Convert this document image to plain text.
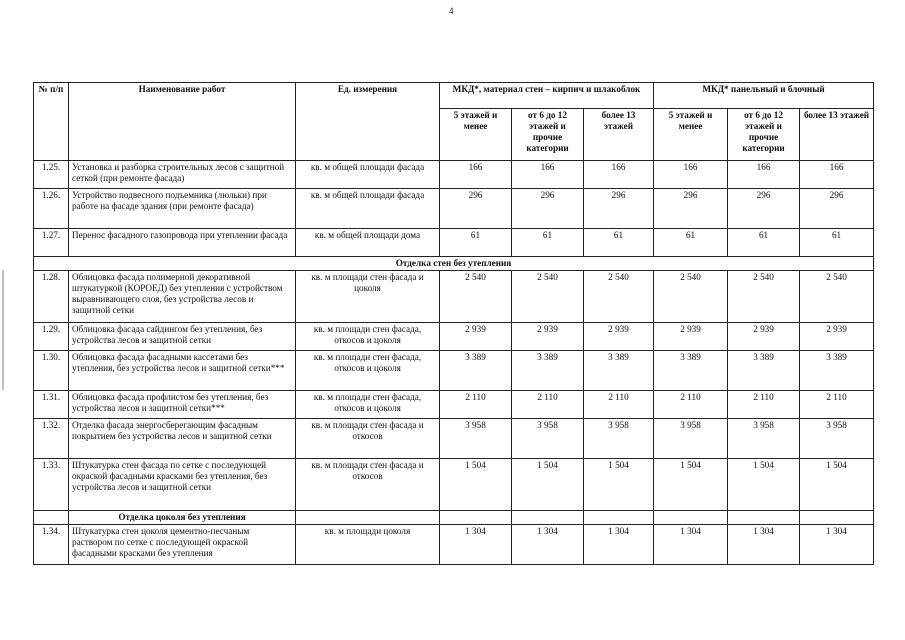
4
№ п/п	Наименование работ	Ед. измерения	МКД*, материал стен – кирпич и шлакоблок			МКД* панельный и блочный		
			5 этажей и менее	от 6 до 12 этажей и прочие категории	более 13 этажей	5 этажей и менее	от 6 до 12 этажей и прочие категории	более 13 этажей
1.25.	Установка и разборка строительных лесов с защитной сеткой (при ремонте фасада)	кв. м общей площади фасада	166	166	166	166	166	166
1.26.	Устройство подвесного подъемника (люльки) при работе на фасаде здания (при ремонте фасада)	кв. м общей площади фасада	296	296	296	296	296	296
1.27.	Перенос фасадного газопровода при утеплении фасада	кв. м общей площади дома	61	61	61	61	61	61
Отделка стен без утепления								
1.28.	Облицовка фасада полимерной декоративной штукатуркой (КОРОЕД) без утепления с устройством выравнивающего слоя, без устройства лесов и защитной сетки	кв. м площади стен фасада и цоколя	2 540	2 540	2 540	2 540	2 540	2 540
1.29.	Облицовка фасада сайдингом без утепления, без устройства лесов и защитной сетки	кв. м площади стен фасада, откосов и цоколя	2 939	2 939	2 939	2 939	2 939	2 939
1.30.	Облицовка фасада фасадными кассетами без утепления, без устройства лесов и защитной сетки***	кв. м площади стен фасада, откосов и цоколя	3 389	3 389	3 389	3 389	3 389	3 389
1.31.	Облицовка фасада профлистом без утепления, без устройства лесов и защитной сетки***	кв. м площади стен фасада, откосов и цоколя	2 110	2 110	2 110	2 110	2 110	2 110
1.32.	Отделка фасада энергосберегающим фасадным покрытием без устройства лесов и защитной сетки	кв. м площади стен фасада и откосов	3 958	3 958	3 958	3 958	3 958	3 958
1.33.	Штукатурка стен фасада по сетке с последующей окраской фасадными красками без утепления, без устройства лесов и защитной сетки	кв. м площади стен фасада и откосов	1 504	1 504	1 504	1 504	1 504	1 504
	Отделка цоколя без утепления							
1.34.	Штукатурка стен цоколя цементно-песчаным раствором по сетке с последующей окраской фасадными красками без утепления	кв. м площади цоколя	1 304	1 304	1 304	1 304	1 304	1 304
